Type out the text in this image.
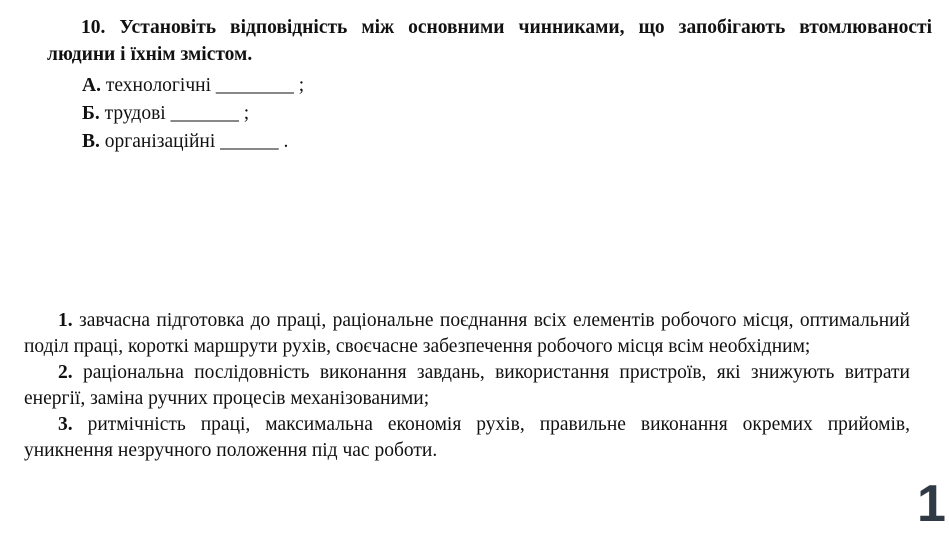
10. Установіть відповідність між основними чинниками, що запобігають втомлюваності людини і їхнім змістом.
А. технологічні ________ ;
Б. трудові _______ ;
В. організаційні ______ .
1. завчасна підготовка до праці, раціональне поєднання всіх елементів робочого місця, оптимальний поділ праці, короткі маршрути рухів, своєчасне забезпечення робочого місця всім необхідним;
2. раціональна послідовність виконання завдань, використання пристроїв, які знижують витрати енергії, заміна ручних процесів механізованими;
3. ритмічність праці, максимальна економія рухів, правильне виконання окремих прийомів, уникнення незручного положення під час роботи.
1
